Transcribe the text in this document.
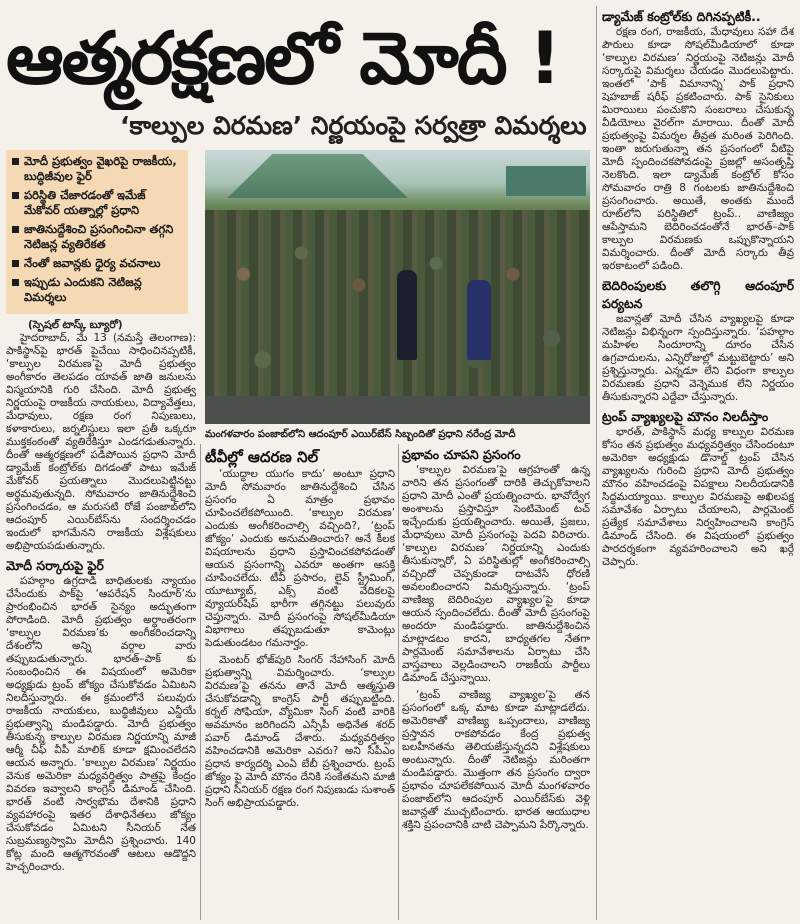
ఆత్మరక్షణలో మోదీ !
‘కాల్పుల విరమణ’ నిర్ణయంపై సర్వత్రా విమర్శలు
మోదీ ప్రభుత్వం వైఖరిపై రాజకీయ, బుద్ధిజీవుల ఫైర్
పరిస్థితి చేజారడంతో ఇమేజ్ మేకోవర్ యత్నాల్లో ప్రధాని
జాతినుద్దేశించి ప్రసంగించినా తగ్గని నెటిజన్ల వ్యతిరేకత
నేంతో జవాన్లకు ధైర్య వచనాలు
ఇప్పుడు ఎందుకని నెటిజన్ల విమర్శలు
మంగళవారం పంజాబ్‌లోని ఆదంపూర్ ఎయిర్‌బేస్ సిబ్బందితో ప్రధాని నరేంద్ర మోదీ
(స్పెషల్ టాస్క్ బ్యూరో)

హైదరాబాద్, మే 13 (నమస్తే తెలంగాణ): పాకిస్థాన్‌పై భారత్ పైచేయి సాధించినప్పటికీ, ‘కాల్పుల విరమణ’పై మోదీ ప్రభుత్వం అంగీకారం తెలపడం యావత్ జాతి జనులను విస్మయానికి గురి చేసింది. మోదీ ప్రభుత్వ నిర్ణయంపై రాజకీయ నాయకులు, విద్యావేత్తలు, మేధావులు, రక్షణ రంగ నిపుణులు, కళాకారులు, జర్నలిస్టులు ఇలా ప్రతీ ఒక్కరూ ముక్తకంఠంతో వ్యతిరేకిస్తూ ఎండగడుతున్నారు. దీంతో ఆత్మరక్షణలో పడిపోయిన ప్రధాని మోదీ డ్యామేజ్ కంట్రోల్‌కు దిగడంతో పాటు ఇమేజ్ మేకోవర్ ప్రయత్నాలు మొదలుపెట్టినట్టు అర్థమవుతున్నది. సోమవారం జాతినుద్దేశించి ప్రసంగించడం, ఆ మరుసటి రోజే పంజాబ్‌లోని ఆదంపూర్ ఎయిర్‌బేస్‌ను సందర్శించడం ఇందులో భాగమేనని రాజకీయ విశ్లేషకులు అభిప్రాయపడుతున్నారు.

మోదీ సర్కారుపై ఫైర్

పహల్గాం ఉగ్రదాడి బాధితులకు న్యాయం చేసేందుకు పాక్‌పై ‘ఆపరేషన్ సిందూర్’ను ప్రారంభించిన భారత్ సైన్యం అద్భుతంగా పోరాడింది. మోదీ ప్రభుత్వం అర్ధాంతరంగా ‘కాల్పుల విరమణ’కు అంగీకరించడాన్ని దేశంలోని అన్ని వర్గాల వారు తప్పుబడుతున్నారు. భారత్–పాక్ కు సంబంధించిన ఈ విషయంలో అమెరికా అధ్యక్షుడు ట్రంప్ జోక్యం చేసుకోవడం ఏమిటని నిలదీస్తున్నారు. ఈ క్రమంలోనే పలువురు రాజకీయ నాయకులు, బుద్ధిజీవులు ఎన్డీయే ప్రభుత్వాన్ని మండిపడ్డారు. మోదీ ప్రభుత్వం తీసుకున్న కాల్పుల విరమణ నిర్ణయాన్ని మాజీ ఆర్మీ చీఫ్ వీపీ మాలిక్ కూడా క్షమించలేదని ఆయన అన్నారు. ‘కాల్పుల విరమణ’ నిర్ణయం వెనుక అమెరికా మధ్యవర్తిత్వం పాత్రపై కేంద్రం వివరణ ఇవ్వాలని కాంగ్రెస్ డిమాండ్ చేసింది. భారత్ వంటి సార్వభౌమ దేశానికి ప్రధాని వ్యవహారంపై ఇతర దేశాధినేతలు జోక్యం చేసుకోవడం ఏమిటని సీనియర్ నేత సుబ్రమణ్యస్వామి మోదీని ప్రశ్నించారు. 140 కోట్ల మంది ఆత్మగౌరవంతో ఆటలు ఆడొద్దని హెచ్చరించారు.

టీవీల్లో ఆదరణ నిల్

‘యుద్ధాల యుగం కాదు’ అంటూ ప్రధాని మోదీ సోమవారం జాతినుద్దేశించి చేసిన ప్రసంగం ఏ మాత్రం ప్రభావం చూపించలేకపోయింది. ‘కాల్పుల విరమణ’ ఎందుకు అంగీకరించాల్సి వచ్చింది?, ‘ట్రంప్ జోక్యం’ ఎందుకు అనుమతించారు? అనే కీలక విషయాలను ప్రధాని ప్రస్తావించకపోవడంతో ఆయన ప్రసంగాన్ని ఎవరూ అంతగా ఆసక్తి చూపించలేదు. టీవీ ప్రసారం, లైవ్ స్ట్రీమింగ్, యూట్యూబ్, ఎక్స్ వంటి వేదికలపై వ్యూయర్‌షిప్ భారీగా తగ్గినట్టు పలువురు చెప్తున్నారు. మోదీ ప్రసంగంపై సోషల్‌మీడియా విభాగాలు తప్పుబడుతూ కామెంట్లు పెడుతుండటం గమనార్హం.

మెంటర్ భోజ్‌పురి సింగర్ నేహాసింగ్ మోదీ ప్రభుత్వాన్ని విమర్శించారు. ‘కాల్పుల విరమణ’పై తనను తానే మోదీ ఆత్మస్తుతి చేసుకోవడాన్ని కాంగ్రెస్ పార్టీ తప్పుబట్టింది. కర్నల్ సోఫియా, వ్యోమికా సింగ్ వంటి వారికి అవమానం జరిగిందని ఎన్సీపీ అధినేత శరద్ పవార్ డిమాండ్ చేశారు. మధ్యవర్తిత్వం వహించడానికి అమెరికా ఎవరు? అని సీపీఎం ప్రధాన కార్యదర్శి ఎంఏ బేబీ ప్రశ్నించారు. ట్రంప్ జోక్యం పై మోదీ మౌనం దేనికి సంకేతమని మాజీ ప్రధాని సీనియర్ రక్షణ రంగ నిపుణుడు సుశాంత్ సింగ్ అభిప్రాయపడ్డారు.

ప్రభావం చూపని ప్రసంగం

‘కాల్పుల విరమణ’పై ఆగ్రహంతో ఉన్న వారిని తన ప్రసంగంతో దారికి తెచ్చుకోవాలని ప్రధాని మోదీ ఎంతో ప్రయత్నించారు. భావోద్వేగ అంశాలను ప్రస్తావిస్తూ సెంటిమెంట్ టచ్ ఇచ్చేందుకు ప్రయత్నించారు. అయితే, ప్రజలు, మేధావులు మోదీ ప్రసంగంపై పెదవి విరిచారు. ‘కాల్పుల విరమణ’ నిర్ణయాన్ని ఎందుకు తీసుకున్నారో, ఏ పరిస్థితుల్లో అంగీకరించాల్సి వచ్చిందో చెప్పకుండా దాటవేసే ధోరణి అవలంబించారని విమర్శిస్తున్నారు. ‘ట్రంప్ వాణిజ్య బెదిరింపుల వ్యాఖ్యల’పై కూడా ఆయన స్పందించలేదు. దీంతో మోదీ ప్రసంగంపై అందరూ మండిపడ్డారు. జాతినుద్దేశించిన మాట్లాడటం కాదని, బాధ్యతగల నేతగా పార్లమెంట్ సమావేశాలను ఏర్పాటు చేసి వాస్తవాలు వెల్లడించాలని రాజకీయ పార్టీలు డిమాండ్ చేస్తున్నాయి.

‘ట్రంప్ వాణిజ్య వ్యాఖ్యల’పై తన ప్రసంగంలో ఒక్క మాట కూడా మాట్లాడలేదు. అమెరికాతో వాణిజ్య ఒప్పందాలు, వాణిజ్య ప్రస్తావన రాకపోవడం కేంద్ర ప్రభుత్వ బలహీనతను తెలియజేస్తున్నదని విశ్లేషకులు అంటున్నారు. దీంతో నెటిజన్లు మరింతగా మండిపడ్డారు. మొత్తంగా తన ప్రసంగం ద్వారా ప్రభావం చూపలేకపోయిన మోదీ మంగళవారం పంజాబ్‌లోని ఆదంపూర్ ఎయిర్‌బేస్‌కు వెళ్లి జవాన్లతో ముచ్చటించారు. భారత ఆయుధాల శక్తిని ప్రపంచానికి చాటి చెప్పామని పేర్కొన్నారు.

డ్యామేజ్ కంట్రోల్‌కు దిగినప్పటికీ..

రక్షణ రంగ, రాజకీయ, మేధావులు సహా దేశ పౌరులు కూడా సోషల్‌మీడియాలో కూడా ‘కాల్పుల విరమణ’ నిర్ణయంపై నెటిజన్లు మోదీ సర్కారుపై విమర్శలు చేయడం మొదలుపెట్టారు. ఇంతలో ‘పాక్ విమానాన్ని’ పాక్ ప్రధాని షెహబాజ్ షరీఫ్ ప్రకటించారు. పాక్ సైనికులు మిరాయిలు పంచుకొని సంబరాలు చేసుకున్న వీడియోలు వైరల్‌గా మారాయి. దీంతో మోదీ ప్రభుత్వంపై విమర్శల తీవ్రత మరింత పెరిగింది. ఇంతా జరుగుతున్నా తన ప్రసంగంలో వీటిపై మోదీ స్పందించకపోవడంపై ప్రజల్లో అసంతృప్తి నెలకొంది. ఇలా డ్యామేజ్ కంట్రోల్ కోసం సోమవారం రాత్రి 8 గంటలకు జాతినుద్దేశించి ప్రసంగించారు. అయితే, అంతకు ముందే రూట్‌లోని పరిస్థితిలో ట్రంప్.. వాణిజ్యం ఆపేస్తామని బెదిరించడంతోనే భారత్–పాక్ కాల్పుల విరమణకు ఒప్పుకొన్నాయని విమర్శించారు. దీంతో మోదీ సర్కారు తీవ్ర ఇరకాటంలో పడింది.

బెదిరింపులకు తలొగ్గి ఆదంపూర్ పర్యటన

జవాన్లతో మోదీ చేసిన వ్యాఖ్యలపై కూడా నెటిజన్లు విభిన్నంగా స్పందిస్తున్నారు. ‘పహల్గాం మహిళల సిందూరాన్ని దూరం చేసిన ఉగ్రవాదులను, ఎన్నిరోజుల్లో మట్టుబెట్టారు’ అని ప్రశ్నిస్తున్నారు. ఎన్నడూ లేని విధంగా కాల్పుల విరమణకు ప్రధాని వెన్నెముక లేని నిర్ణయం తీసుకున్నారని ఎద్దేవా చేస్తున్నారు.

ట్రంప్ వ్యాఖ్యలపై మౌనం నిలదీస్తాం

భారత్, పాకిస్థాన్ మధ్య కాల్పుల విరమణ కోసం తన ప్రభుత్వం మధ్యవర్తిత్వం చేసిందంటూ అమెరికా అధ్యక్షుడు డొనాల్డ్ ట్రంప్ చేసిన వ్యాఖ్యలను గురించి ప్రధాని మోదీ ప్రభుత్వం మౌనం వహించడంపై విపక్షాలు నిలదీయడానికి సిద్ధమయ్యాయి. కాల్పుల విరమణపై అఖిలపక్ష సమావేశం ఏర్పాటు చేయాలని, పార్లమెంట్ ప్రత్యేక సమావేశాలు నిర్వహించాలని కాంగ్రెస్ డిమాండ్ చేసింది. ఈ విషయంలో ప్రభుత్వం పారదర్శకంగా వ్యవహరించాలని అని ఖర్గే చెప్పారు.
